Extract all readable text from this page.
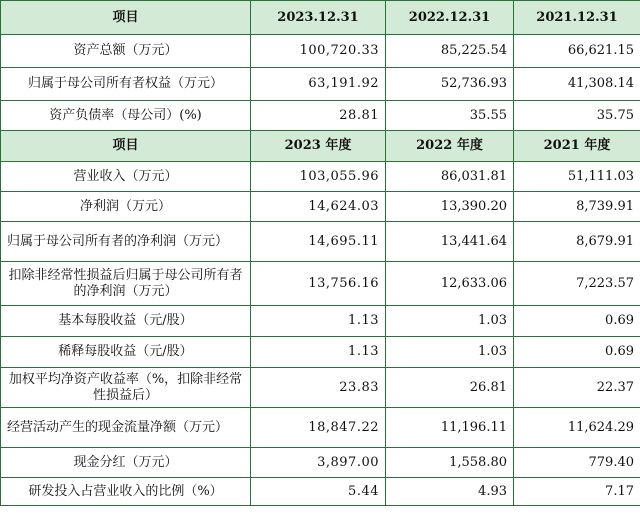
项目	2023.12.31	2022.12.31	2021.12.31
资产总额（万元）	100,720.33	85,225.54	66,621.15
归属于母公司所有者权益（万元）	63,191.92	52,736.93	41,308.14
资产负债率（母公司）(%)	28.81	35.55	35.75
项目	2023 年度	2022 年度	2021 年度
营业收入（万元）	103,055.96	86,031.81	51,111.03
净利润（万元）	14,624.03	13,390.20	8,739.91
归属于母公司所有者的净利润（万元）	14,695.11	13,441.64	8,679.91
扣除非经常性损益后归属于母公司所有者的净利润（万元）	13,756.16	12,633.06	7,223.57
基本每股收益（元/股）	1.13	1.03	0.69
稀释每股收益（元/股）	1.13	1.03	0.69
加权平均净资产收益率（%，扣除非经常性损益后）	23.83	26.81	22.37
经营活动产生的现金流量净额（万元）	18,847.22	11,196.11	11,624.29
现金分红（万元）	3,897.00	1,558.80	779.40
研发投入占营业收入的比例（%）	5.44	4.93	7.17
